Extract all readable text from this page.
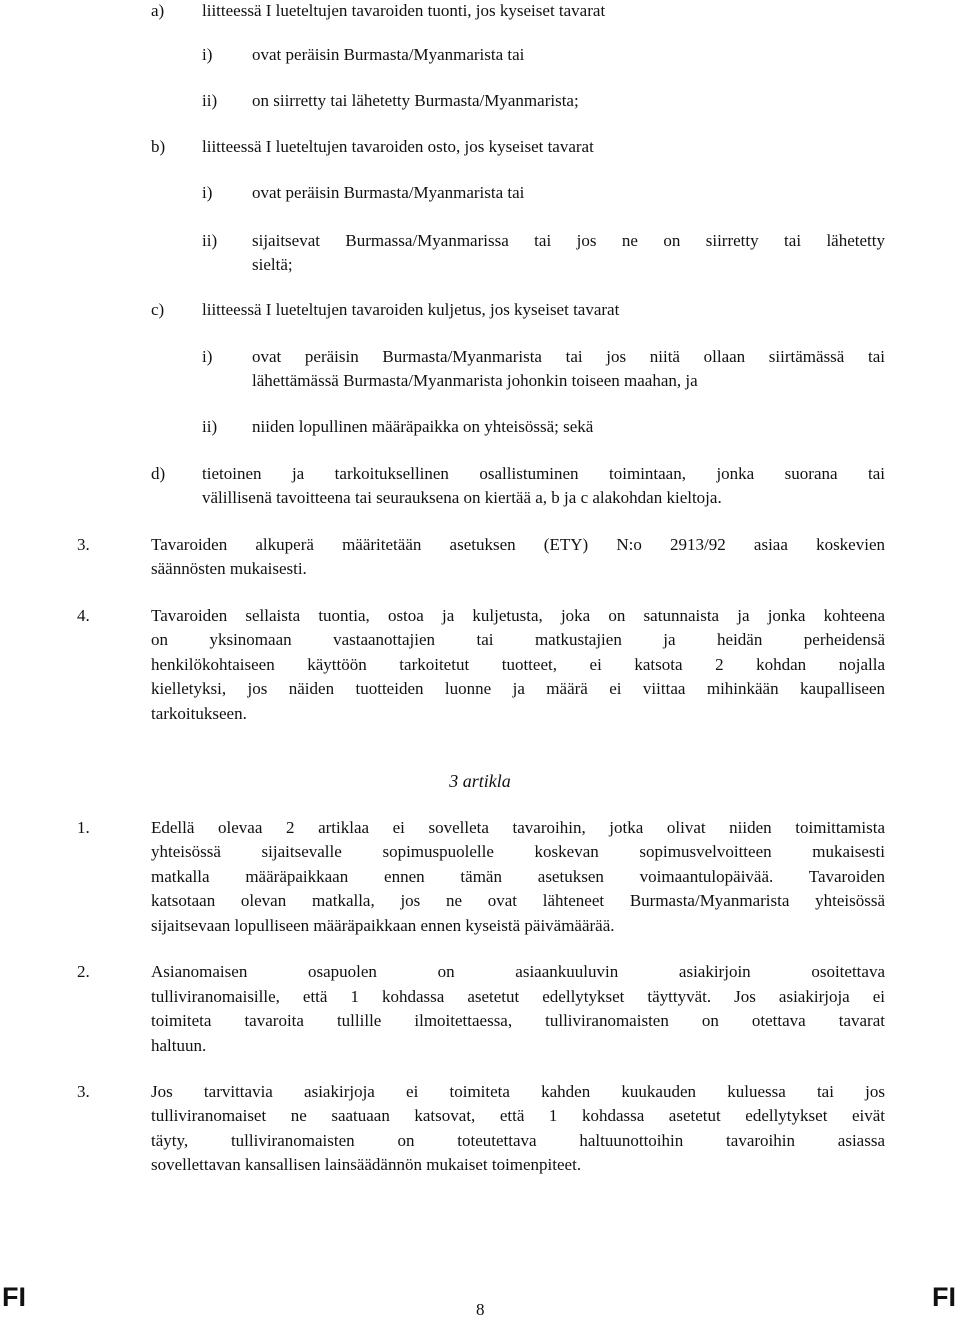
a) liitteessä I lueteltujen tavaroiden tuonti, jos kyseiset tavarat
i) ovat peräisin Burmasta/Myanmarista tai
ii) on siirretty tai lähetetty Burmasta/Myanmarista;
b) liitteessä I lueteltujen tavaroiden osto, jos kyseiset tavarat
i) ovat peräisin Burmasta/Myanmarista tai
ii) sijaitsevat Burmassa/Myanmarissa tai jos ne on siirretty tai lähetetty
sieltä;
c) liitteessä I lueteltujen tavaroiden kuljetus, jos kyseiset tavarat
i) ovat peräisin Burmasta/Myanmarista tai jos niitä ollaan siirtämässä tai
lähettämässä Burmasta/Myanmarista johonkin toiseen maahan, ja
ii) niiden lopullinen määräpaikka on yhteisössä; sekä
d) tietoinen ja tarkoituksellinen osallistuminen toimintaan, jonka suorana tai
välillisenä tavoitteena tai seurauksena on kiertää a, b ja c alakohdan kieltoja.
3.	Tavaroiden alkuperä määritetään asetuksen (ETY) N:o 2913/92 asiaa koskevien
säännösten mukaisesti.
4.	Tavaroiden sellaista tuontia, ostoa ja kuljetusta, joka on satunnaista ja jonka kohteena
on yksinomaan vastaanottajien tai matkustajien ja heidän perheidensä
henkilökohtaiseen käyttöön tarkoitetut tuotteet, ei katsota 2 kohdan nojalla
kielletyksi, jos näiden tuotteiden luonne ja määrä ei viittaa mihinkään kaupalliseen
tarkoitukseen.
3 artikla
1.	Edellä olevaa 2 artiklaa ei sovelleta tavaroihin, jotka olivat niiden toimittamista
yhteisössä sijaitsevalle sopimuspuolelle koskevan sopimusvelvoitteen mukaisesti
matkalla määräpaikkaan ennen tämän asetuksen voimaantulopäivää. Tavaroiden
katsotaan olevan matkalla, jos ne ovat lähteneet Burmasta/Myanmarista yhteisössä
sijaitsevaan lopulliseen määräpaikkaan ennen kyseistä päivämäärää.
2.	Asianomaisen osapuolen on asiaankuuluvin asiakirjoin osoitettava
tulliviranomaisille, että 1 kohdassa asetetut edellytykset täyttyvät. Jos asiakirjoja ei
toimiteta tavaroita tullille ilmoitettaessa, tulliviranomaisten on otettava tavarat
haltuun.
3.	Jos tarvittavia asiakirjoja ei toimiteta kahden kuukauden kuluessa tai jos
tulliviranomaiset ne saatuaan katsovat, että 1 kohdassa asetetut edellytykset eivät
täyty, tulliviranomaisten on toteutettava haltuunottoihin tavaroihin asiassa
sovellettavan kansallisen lainsäädännön mukaiset toimenpiteet.
FI	8	FI
